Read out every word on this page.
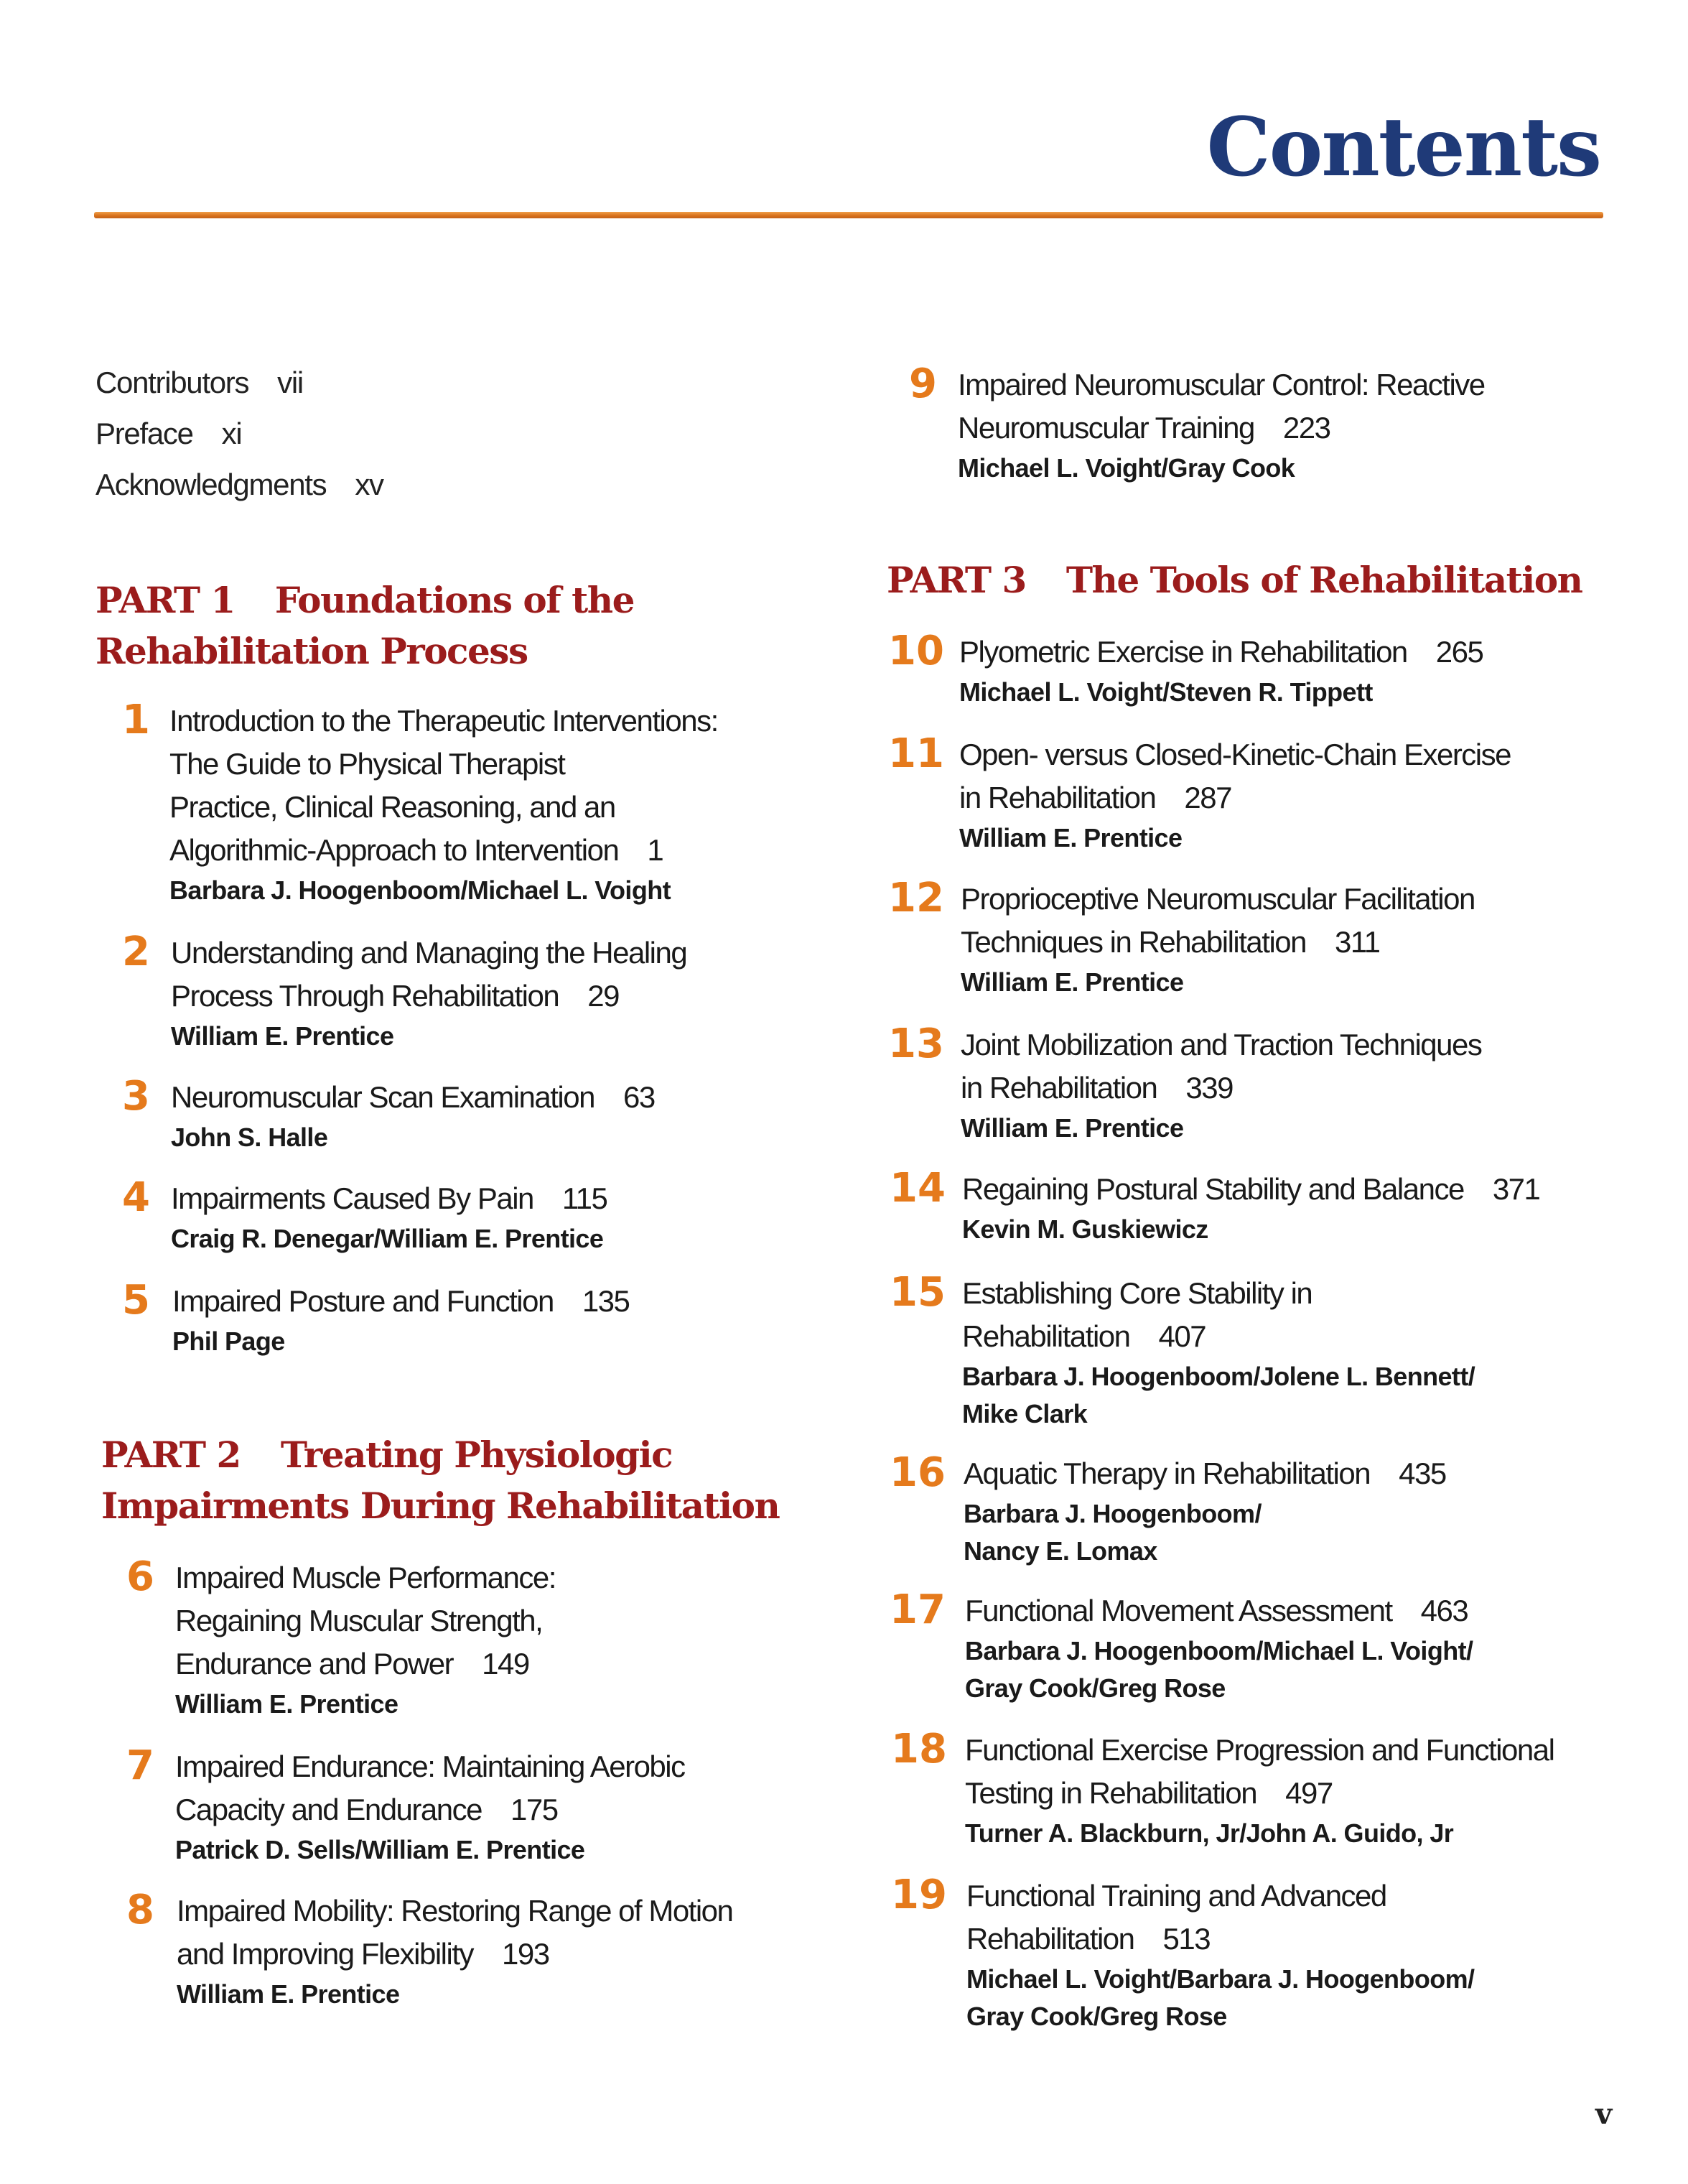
Contents
Contributors vii
Preface xi
Acknowledgments xv
PART 1 Foundations of the
Rehabilitation Process
PART 2 Treating Physiologic
Impairments During Rehabilitation
PART 3 The Tools of Rehabilitation
1 Introduction to the Therapeutic Interventions:
The Guide to Physical Therapist
Practice, Clinical Reasoning, and an
Algorithmic-Approach to Intervention 1
Barbara J. Hoogenboom/Michael L. Voight
2 Understanding and Managing the Healing
Process Through Rehabilitation 29
William E. Prentice
3 Neuromuscular Scan Examination 63
John S. Halle
4 Impairments Caused By Pain 115
Craig R. Denegar/William E. Prentice
5 Impaired Posture and Function 135
Phil Page
6 Impaired Muscle Performance:
Regaining Muscular Strength,
Endurance and Power 149
William E. Prentice
7 Impaired Endurance: Maintaining Aerobic
Capacity and Endurance 175
Patrick D. Sells/William E. Prentice
8 Impaired Mobility: Restoring Range of Motion
and Improving Flexibility 193
William E. Prentice
9 Impaired Neuromuscular Control: Reactive
Neuromuscular Training 223
Michael L. Voight/Gray Cook
10 Plyometric Exercise in Rehabilitation 265
Michael L. Voight/Steven R. Tippett
11 Open- versus Closed-Kinetic-Chain Exercise
in Rehabilitation 287
William E. Prentice
12 Proprioceptive Neuromuscular Facilitation
Techniques in Rehabilitation 311
William E. Prentice
13 Joint Mobilization and Traction Techniques
in Rehabilitation 339
William E. Prentice
14 Regaining Postural Stability and Balance 371
Kevin M. Guskiewicz
15 Establishing Core Stability in
Rehabilitation 407
Barbara J. Hoogenboom/Jolene L. Bennett/
Mike Clark
16 Aquatic Therapy in Rehabilitation 435
Barbara J. Hoogenboom/
Nancy E. Lomax
17 Functional Movement Assessment 463
Barbara J. Hoogenboom/Michael L. Voight/
Gray Cook/Greg Rose
18 Functional Exercise Progression and Functional
Testing in Rehabilitation 497
Turner A. Blackburn, Jr/John A. Guido, Jr
19 Functional Training and Advanced
Rehabilitation 513
Michael L. Voight/Barbara J. Hoogenboom/
Gray Cook/Greg Rose
v
